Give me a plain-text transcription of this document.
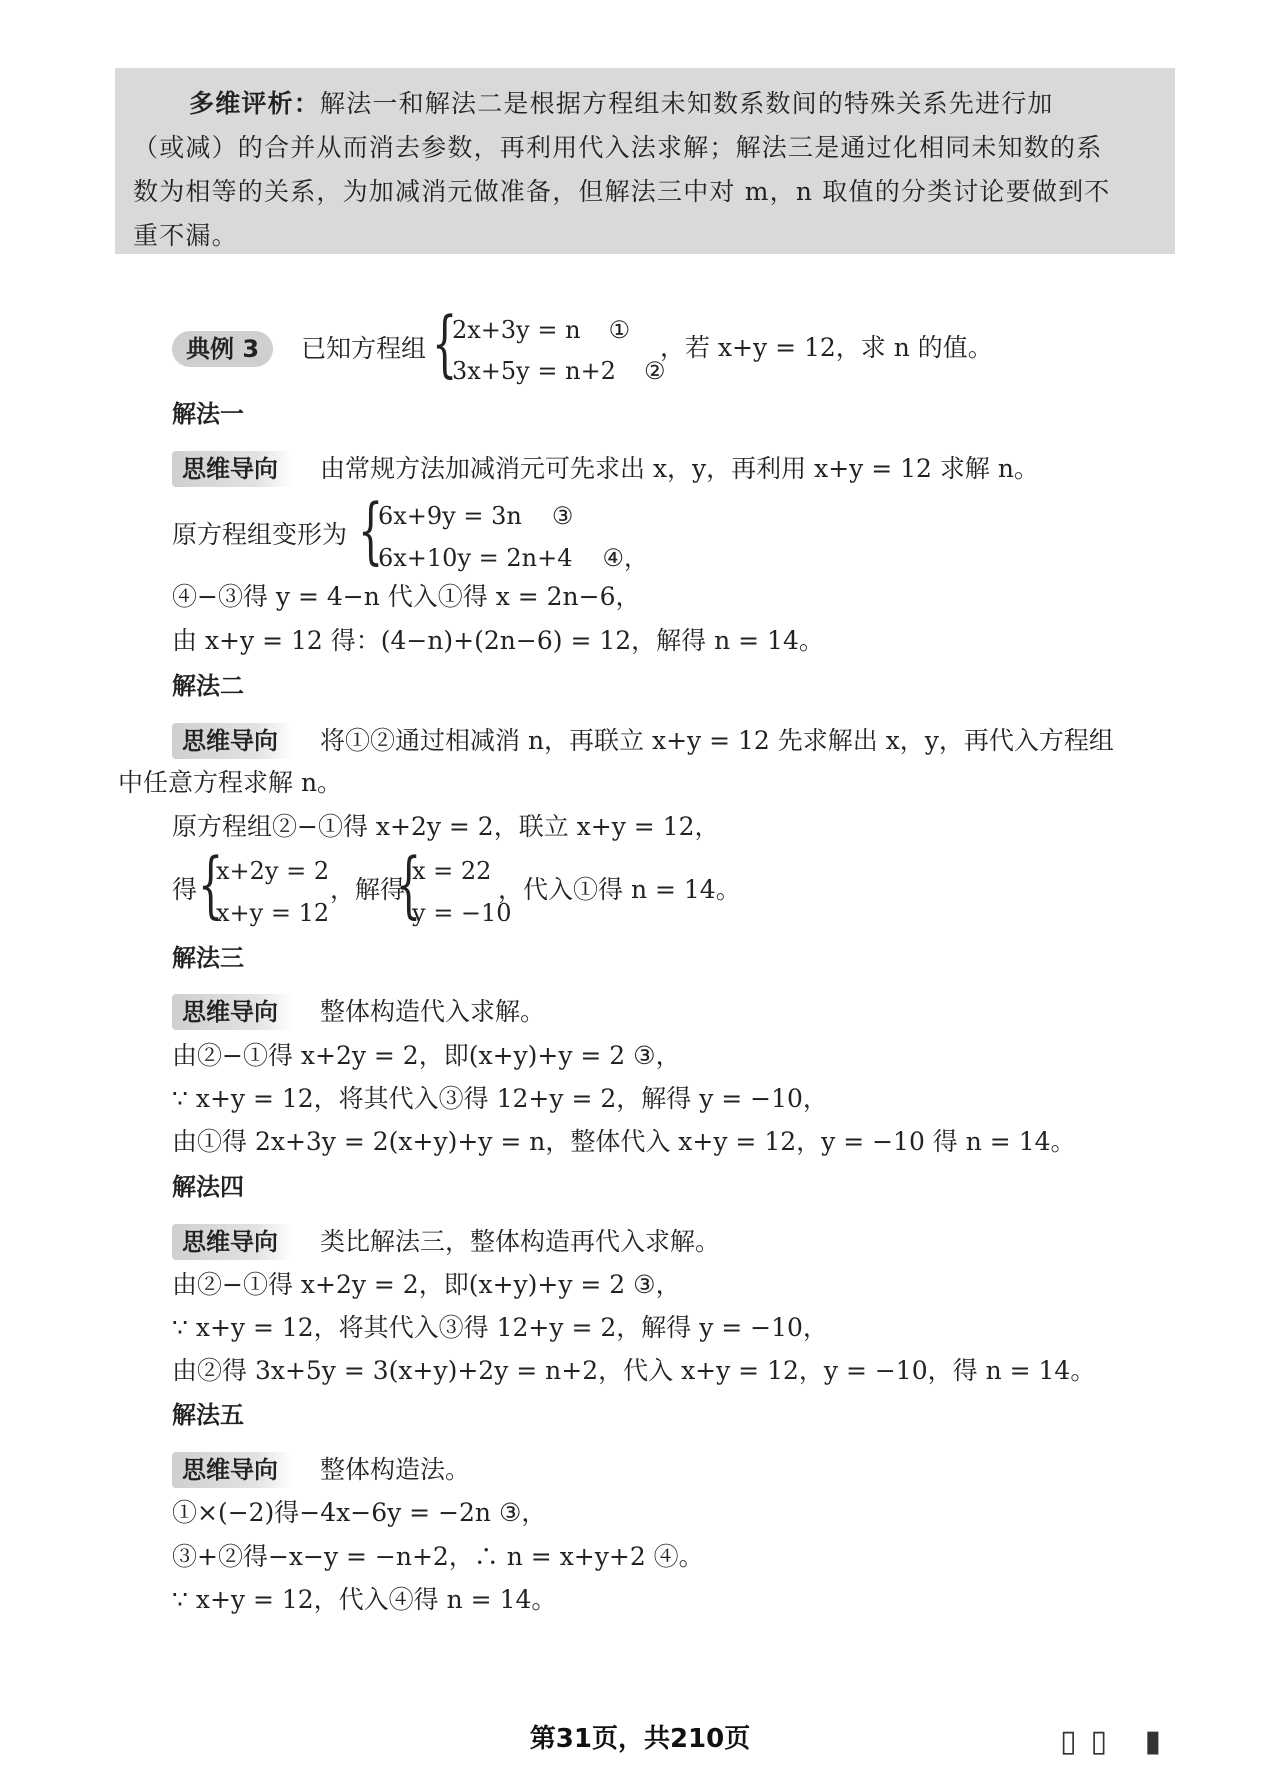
多维评析：解法一和解法二是根据方程组未知数系数间的特殊关系先进行加
（或减）的合并从而消去参数，再利用代入法求解；解法三是通过化相同未知数的系
数为相等的关系，为加减消元做准备，但解法三中对 m，n 取值的分类讨论要做到不
重不漏。
典例 3 已知方程组 {
2x+3y = n ①
3x+5y = n+2 ②
，若 x+y = 12，求 n 的值。
解法一
思维导向 由常规方法加减消元可先求出 x，y，再利用 x+y = 12 求解 n。
原方程组变形为 {
6x+9y = 3n ③
6x+10y = 2n+4 ④，
④−③得 y = 4−n 代入①得 x = 2n−6，
由 x+y = 12 得：(4−n)+(2n−6) = 12，解得 n = 14。
解法二
思维导向 将①②通过相减消 n，再联立 x+y = 12 先求解出 x，y，再代入方程组
中任意方程求解 n。
原方程组②−①得 x+2y = 2，联立 x+y = 12，
得 {
x+2y = 2
x+y = 12
，解得
{
x = 22
y = −10
，代入①得 n = 14。
解法三
思维导向 整体构造代入求解。
由②−①得 x+2y = 2，即(x+y)+y = 2 ③，
∵ x+y = 12，将其代入③得 12+y = 2，解得 y = −10，
由①得 2x+3y = 2(x+y)+y = n，整体代入 x+y = 12，y = −10 得 n = 14。
解法四
思维导向 类比解法三，整体构造再代入求解。
由②−①得 x+2y = 2，即(x+y)+y = 2 ③，
∵ x+y = 12，将其代入③得 12+y = 2，解得 y = −10，
由②得 3x+5y = 3(x+y)+2y = n+2，代入 x+y = 12，y = −10，得 n = 14。
解法五
思维导向 整体构造法。
①×(−2)得−4x−6y = −2n ③，
③+②得−x−y = −n+2，∴ n = x+y+2 ④。
∵ x+y = 12，代入④得 n = 14。
第31页，共210页	▯▯ ▮
